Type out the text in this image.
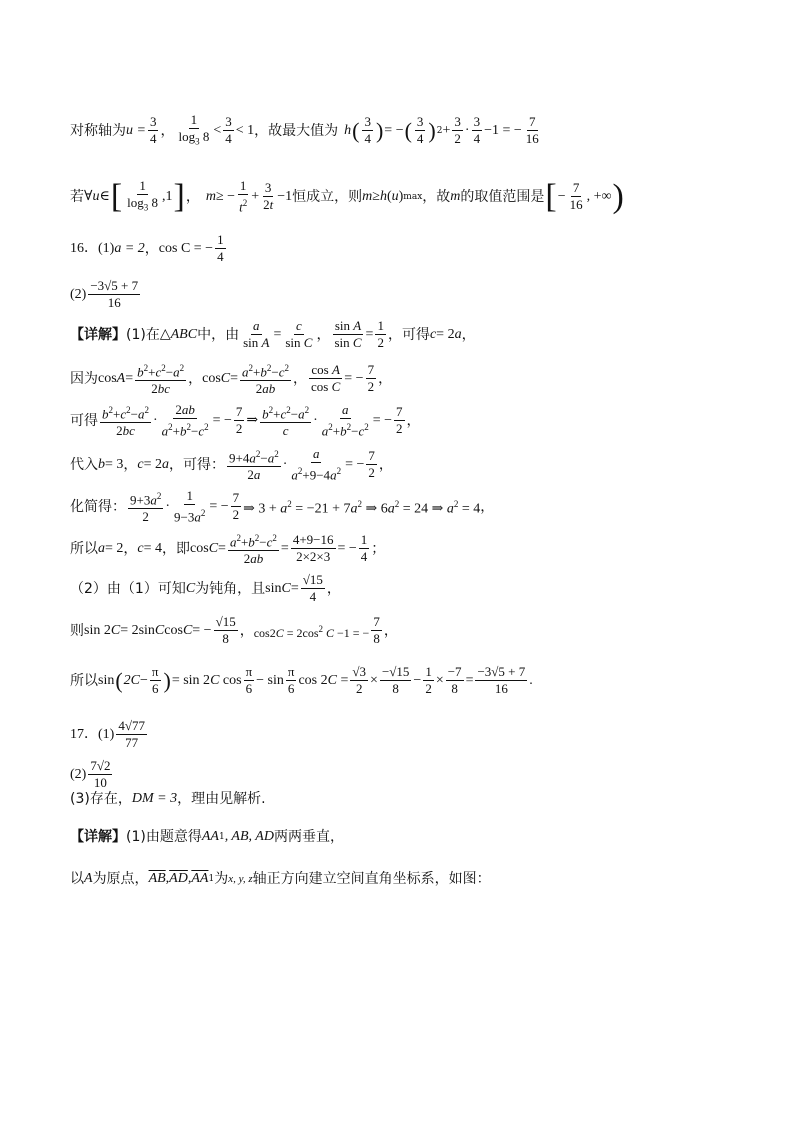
对称轴为 $u = \frac{3}{4}$ ， $\frac{1}{\log_3 8} < \frac{3}{4} < 1$ ，故最大值为 h ( $\frac{3}{4}$ ) = − ( $\frac{3}{4}$ ) $2 + \frac{3}{2} \cdot \frac{3}{4} -1$ = − $\frac{7}{16}$
若 ∀ u ∈ [ $\frac{1}{\log_3 8} ,1$ ] ， m ≥ − $\frac{1}{t^2} + \frac{3}{2t} -1$ 恒成立，则 m ≥ h ( u ) max ，故 m 的取值范围是 [ − $\frac{7}{16}$ , +∞ )
16． (1) a = 2 ， cos C = − $\frac{1}{4}$
$(2) \frac{-3√5 + 7}{16}$
【详解】 (1)在 △ ABC 中，由 $\frac{a}{\text{sin A}} = \frac{c}{\text{sin C}}$ ， $\frac{\text{sin A}}{\text{sin C}} = \frac{1}{2}$ ，可得 c = 2 a ，
因为 $\cos A = \frac{b^2+c^2-a^2}{2bc}$ ， $\cos C = \frac{a^2+b^2-c^2}{2ab}$ ， $\frac{\text{cos A}}{\text{cos C}}$ = − $\frac{7}{2}$ ，
可得 $\frac{b^2+c^2-a^2}{2bc} \cdot \frac{2ab}{a^2+b^2-c^2}$ = − $\frac{7}{2}$ ⇒ $\frac{b^2+c^2-a^2}{c} \cdot \frac{a}{a^2+b^2-c^2}$ = − $\frac{7}{2}$ ，
代入 b = 3 ， c = 2 a ，可得： $\frac{9+4a^2-a^2}{2a} \cdot \frac{a}{a^2+9-4a^2}$ = − $\frac{7}{2}$ ，
化简得： $\frac{9+3a^2}{2} \cdot \frac{1}{9-3a^2}$ = − $\frac{7}{2}$ ⇒ $3 + a^2 = -21 + 7a^2$ ⇒ $6a^2 = 24$ ⇒ $a^2 = 4$ ，
所以 a = 2 ， c = 4 ，即 $\cos C = \frac{a^2+b^2-c^2}{2ab} = \frac{4+9-16}{2\times 2\times 3}$ = − $\frac{1}{4}$ ；
（2）由（1）可知 C 为钝角，且 $\sin C = \frac{√15}{4}$ ，
则 sin 2 C = 2sin C cos C = − $\frac{√15}{8}$ ， $\cos 2C = 2\cos^2$ C −1 = − $\frac{7}{8}$ ，
所以 sin ( $2C - \frac{\pi}{6}$ ) = sin 2C $\cos \frac{\pi}{6} - \sin \frac{\pi}{6}$ $\cos 2C = \frac{√3}{2} \times \frac{-√15}{8} - \frac{1}{2} \times \frac{-7}{8} = \frac{-3√5 + 7}{16}$ .
17． $(1) \frac{4√77}{77}$
$(2) \frac{7√2}{10}$
(3)存在， DM = 3 ，理由见解析.
【详解】 (1)由题意得 AA 1 , AB, AD 两两垂直，
以 A 为原点， $\overline{AB}$ , $\overline{AD}$ , $\overline{AA}$ 1 为 x, y, z 轴正方向建立空间直角坐标系，如图：
